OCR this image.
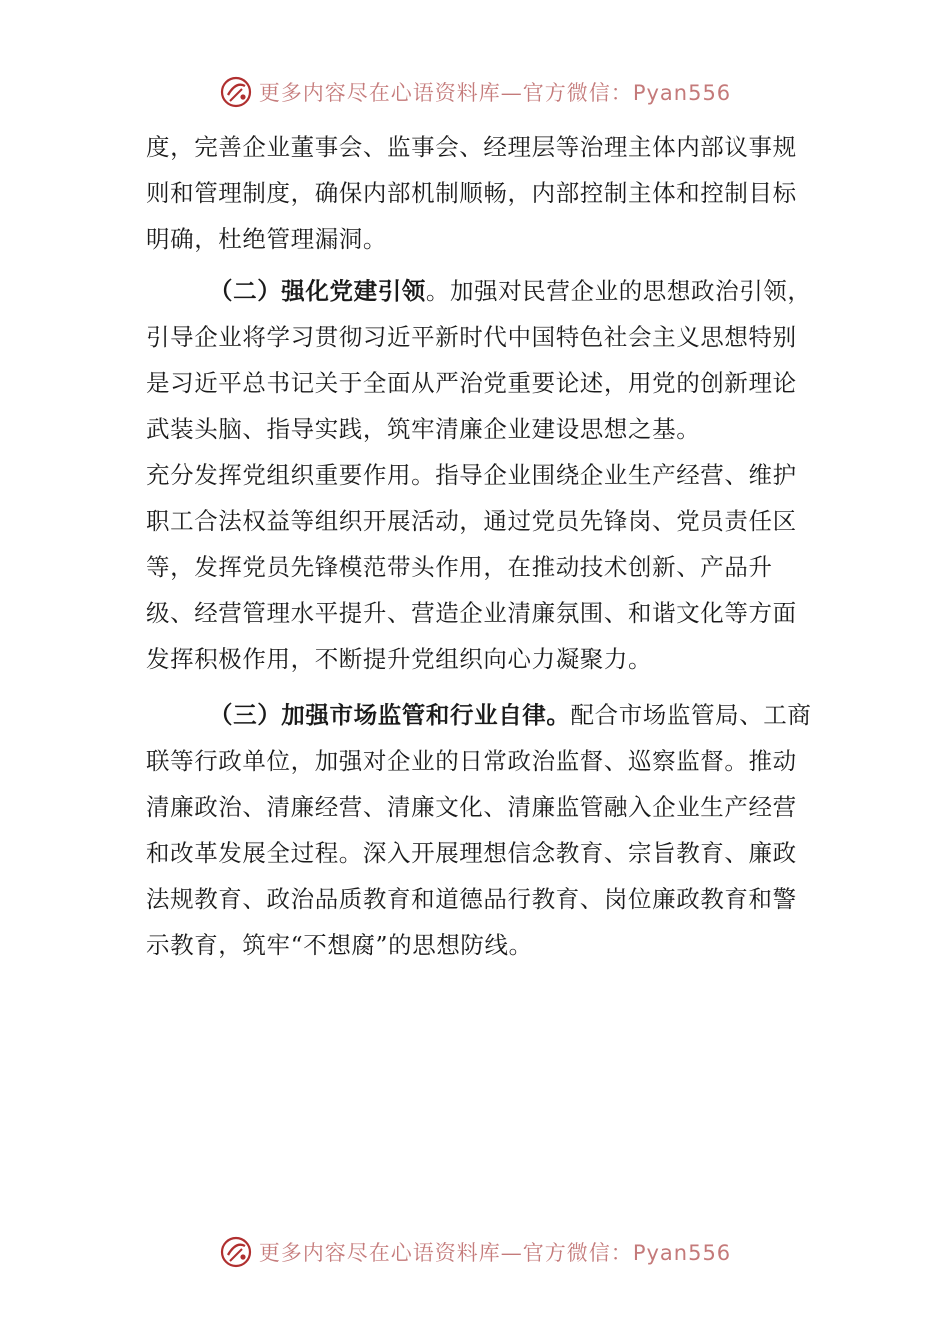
更多内容尽在心语资料库—官方微信：Pyan556

度，完善企业董事会、监事会、经理层等治理主体内部议事规则和管理制度，确保内部机制顺畅，内部控制主体和控制目标明确，杜绝管理漏洞。

（二）强化党建引领。加强对民营企业的思想政治引领，引导企业将学习贯彻习近平新时代中国特色社会主义思想特别是习近平总书记关于全面从严治党重要论述，用党的创新理论武装头脑、指导实践，筑牢清廉企业建设思想之基。

充分发挥党组织重要作用。指导企业围绕企业生产经营、维护职工合法权益等组织开展活动，通过党员先锋岗、党员责任区等，发挥党员先锋模范带头作用，在推动技术创新、产品升级、经营管理水平提升、营造企业清廉氛围、和谐文化等方面发挥积极作用，不断提升党组织向心力凝聚力。

（三）加强市场监管和行业自律。配合市场监管局、工商联等行政单位，加强对企业的日常政治监督、巡察监督。推动清廉政治、清廉经营、清廉文化、清廉监管融入企业生产经营和改革发展全过程。深入开展理想信念教育、宗旨教育、廉政法规教育、政治品质教育和道德品行教育、岗位廉政教育和警示教育，筑牢“不想腐”的思想防线。

更多内容尽在心语资料库—官方微信：Pyan556
